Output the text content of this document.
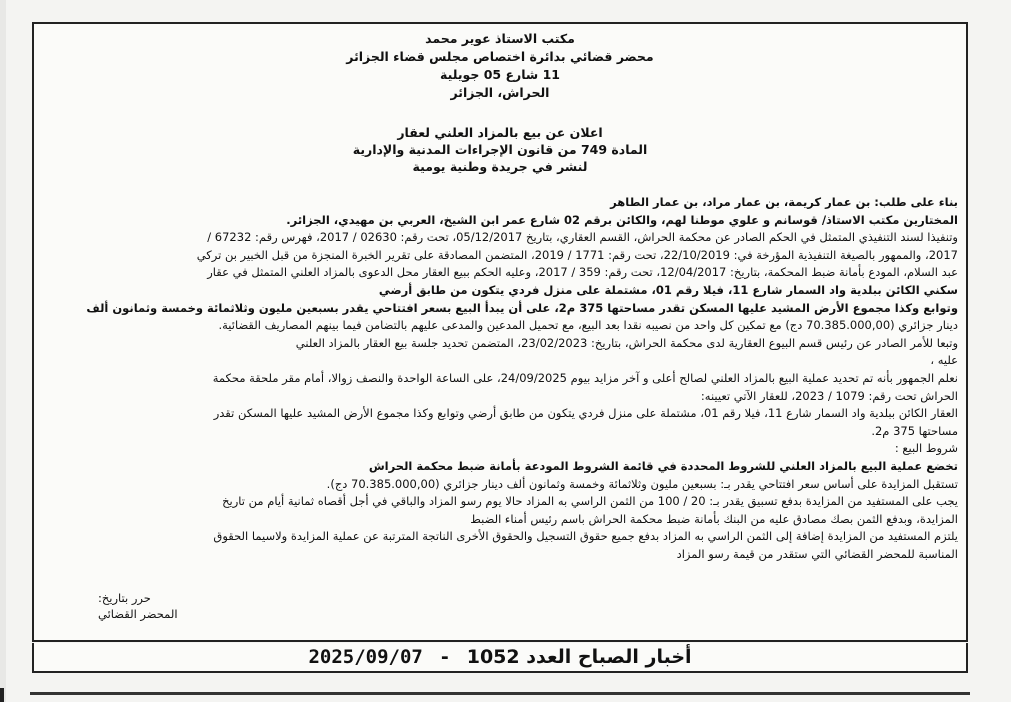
مكتب الاستاذ عوير محمد
محضر قضائي بدائرة اختصاص مجلس قضاء الجزائر
11 شارع 05 جويلية
الحراش، الجزائر
اعلان عن بيع بالمزاد العلني لعقار
المادة 749 من قانون الإجراءات المدنية والإدارية
لنشر في جريدة وطنية يومية
بناء على طلب: بن عمار كريمة، بن عمار مراد، بن عمار الطاهر
المختارين مكتب الاستاذ/ قوسانم و علوي موطنا لهم، والكائن برقم 02 شارع عمر ابن الشيخ، العربي بن مهيدي، الجزائر.
وتنفيذا لسند التنفيذي المتمثل في الحكم الصادر عن محكمة الحراش، القسم العقاري، بتاريخ 05/12/2017، تحت رقم: 02630 / 2017، فهرس رقم: 67232 /
2017، والممهور بالصيغة التنفيذية المؤرخة في: 22/10/2019، تحت رقم: 1771 / 2019، المتضمن المصادقة على تقرير الخبرة المنجزة من قبل الخبير بن تركي
عبد السلام، المودع بأمانة ضبط المحكمة، بتاريخ: 12/04/2017، تحت رقم: 359 / 2017، وعليه الحكم ببيع العقار محل الدعوى بالمزاد العلني المتمثل في عقار
سكني الكائن ببلدية واد السمار شارع 11، فيلا رقم 01، مشتملة على منزل فردي يتكون من طابق أرضي
وتوابع وكذا مجموع الأرض المشيد عليها المسكن تقدر مساحتها 375 م2، على أن يبدأ البيع بسعر افتتاحي يقدر بسبعين مليون وثلاثمائة وخمسة وثمانون ألف
دينار جزائري (70.385.000,00 دج) مع تمكين كل واحد من نصيبه نقدا بعد البيع، مع تحميل المدعين والمدعى عليهم بالتضامن فيما بينهم المصاريف القضائية.
وتبعا للأمر الصادر عن رئيس قسم البيوع العقارية لدى محكمة الحراش، بتاريخ: 23/02/2023، المتضمن تحديد جلسة بيع العقار بالمزاد العلني
عليه ،
نعلم الجمهور بأنه تم تحديد عملية البيع بالمزاد العلني لصالح أعلى و آخر مزايد بيوم 24/09/2025، على الساعة الواحدة والنصف زوالا، أمام مقر ملحقة محكمة
الحراش تحت رقم: 1079 / 2023، للعقار الآتي تعيينه:
العقار الكائن ببلدية واد السمار شارع 11، فيلا رقم 01، مشتملة على منزل فردي يتكون من طابق أرضي وتوابع وكذا مجموع الأرض المشيد عليها المسكن تقدر
مساحتها 375 م2.
شروط البيع :
تخضع عملية البيع بالمزاد العلني للشروط المحددة في قائمة الشروط المودعة بأمانة ضبط محكمة الحراش
تستقبل المزايدة على أساس سعر افتتاحي يقدر بـ: بسبعين مليون وثلاثمائة وخمسة وثمانون ألف دينار جزائري (70.385.000,00 دج).
يجب على المستفيد من المزايدة بدفع تسبيق يقدر بـ: 20 / 100 من الثمن الراسي به المزاد حالا يوم رسو المزاد والباقي في أجل أقصاه ثمانية أيام من تاريخ
المزايدة، وبدفع الثمن بصك مصادق عليه من البنك بأمانة ضبط محكمة الحراش باسم رئيس أمناء الضبط
يلتزم المستفيد من المزايدة إضافة إلى الثمن الراسي به المزاد بدفع جميع حقوق التسجيل والحقوق الأخرى الناتجة المترتبة عن عملية المزايدة ولاسيما الحقوق
المناسبة للمحضر القضائي التي ستقدر من قيمة رسو المزاد
حرر بتاريخ:
المحضر القضائي
2025/09/07 - أخبار الصباح العدد 1052
